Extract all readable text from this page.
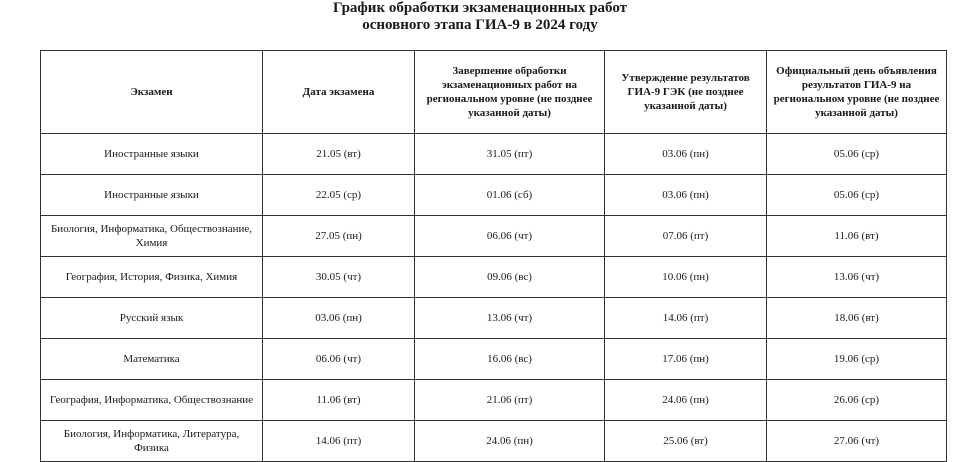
График обработки экзаменационных работ
основного этапа ГИА-9 в 2024 году
Экзамен	Дата экзамена	Завершение обработки экзаменационных работ на региональном уровне (не позднее указанной даты)	Утверждение результатов ГИА-9 ГЭК (не позднее указанной даты)	Официальный день объявления результатов ГИА-9 на региональном уровне (не позднее указанной даты)
Иностранные языки	21.05 (вт)	31.05 (пт)	03.06 (пн)	05.06 (ср)
Иностранные языки	22.05 (ср)	01.06 (сб)	03.06 (пн)	05.06 (ср)
Биология, Информатика, Обществознание, Химия	27.05 (пн)	06.06 (чт)	07.06 (пт)	11.06 (вт)
География, История, Физика, Химия	30.05 (чт)	09.06 (вс)	10.06 (пн)	13.06 (чт)
Русский язык	03.06 (пн)	13.06 (чт)	14.06 (пт)	18.06 (вт)
Математика	06.06 (чт)	16.06 (вс)	17.06 (пн)	19.06 (ср)
География, Информатика, Обществознание	11.06 (вт)	21.06 (пт)	24.06 (пн)	26.06 (ср)
Биология, Информатика, Литература, Физика	14.06 (пт)	24.06 (пн)	25.06 (вт)	27.06 (чт)
